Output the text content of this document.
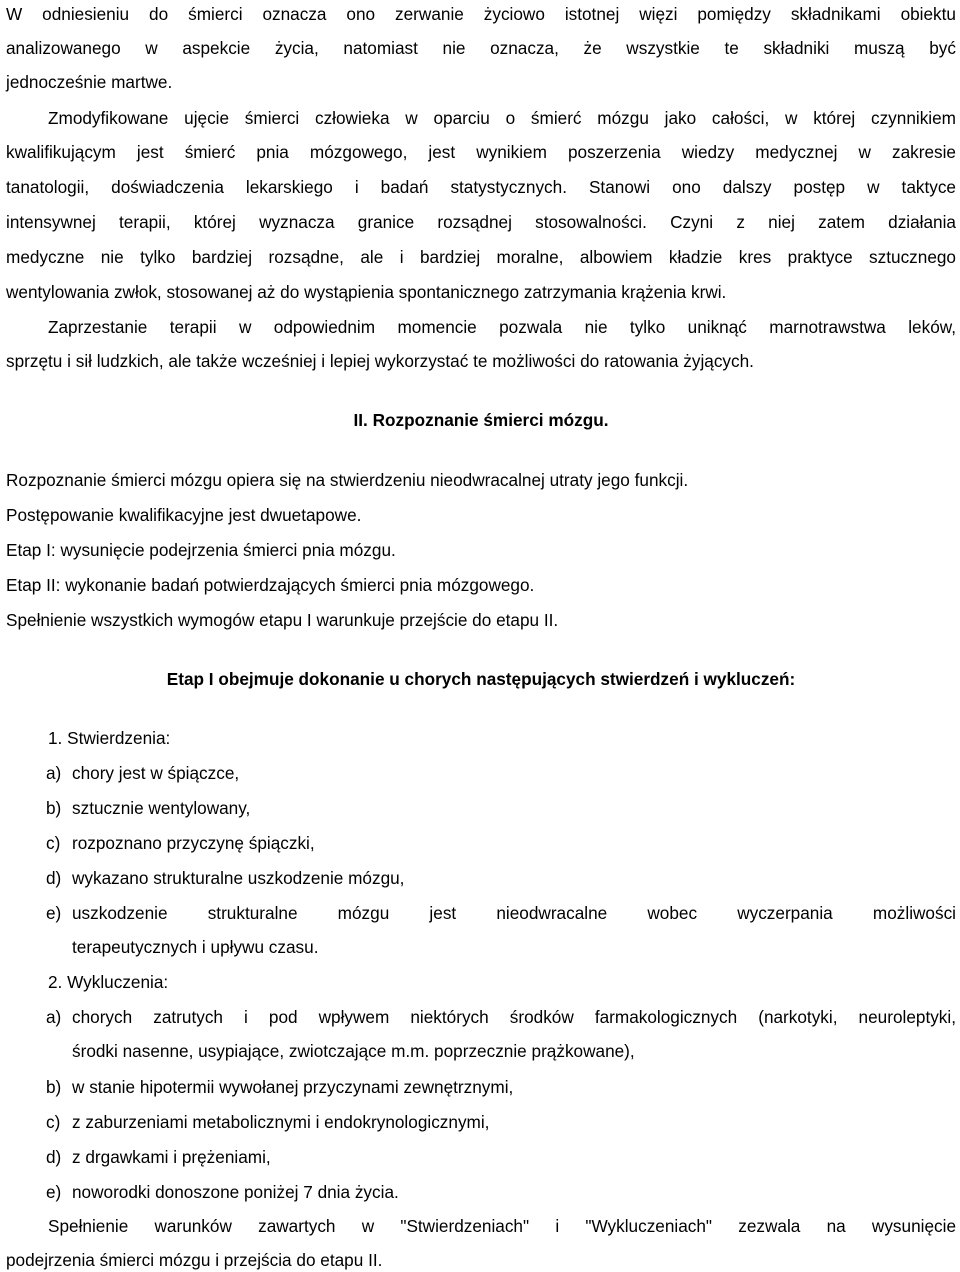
W odniesieniu do śmierci oznacza ono zerwanie życiowo istotnej więzi pomiędzy składnikami obiektu
analizowanego w aspekcie życia, natomiast nie oznacza, że wszystkie te składniki muszą być
jednocześnie martwe.
Zmodyfikowane ujęcie śmierci człowieka w oparciu o śmierć mózgu jako całości, w której czynnikiem
kwalifikującym jest śmierć pnia mózgowego, jest wynikiem poszerzenia wiedzy medycznej w zakresie
tanatologii, doświadczenia lekarskiego i badań statystycznych. Stanowi ono dalszy postęp w taktyce
intensywnej terapii, której wyznacza granice rozsądnej stosowalności. Czyni z niej zatem działania
medyczne nie tylko bardziej rozsądne, ale i bardziej moralne, albowiem kładzie kres praktyce sztucznego
wentylowania zwłok, stosowanej aż do wystąpienia spontanicznego zatrzymania krążenia krwi.
Zaprzestanie terapii w odpowiednim momencie pozwala nie tylko uniknąć marnotrawstwa leków,
sprzętu i sił ludzkich, ale także wcześniej i lepiej wykorzystać te możliwości do ratowania żyjących.
II. Rozpoznanie śmierci mózgu.
Rozpoznanie śmierci mózgu opiera się na stwierdzeniu nieodwracalnej utraty jego funkcji.
Postępowanie kwalifikacyjne jest dwuetapowe.
Etap I: wysunięcie podejrzenia śmierci pnia mózgu.
Etap II: wykonanie badań potwierdzających śmierci pnia mózgowego.
Spełnienie wszystkich wymogów etapu I warunkuje przejście do etapu II.
Etap I obejmuje dokonanie u chorych następujących stwierdzeń i wykluczeń:
1. Stwierdzenia:
a) chory jest w śpiączce,
b) sztucznie wentylowany,
c) rozpoznano przyczynę śpiączki,
d) wykazano strukturalne uszkodzenie mózgu,
e) uszkodzenie strukturalne mózgu jest nieodwracalne wobec wyczerpania możliwości
terapeutycznych i upływu czasu.
2. Wykluczenia:
a) chorych zatrutych i pod wpływem niektórych środków farmakologicznych (narkotyki, neuroleptyki,
środki nasenne, usypiające, zwiotczające m.m. poprzecznie prążkowane),
b) w stanie hipotermii wywołanej przyczynami zewnętrznymi,
c) z zaburzeniami metabolicznymi i endokrynologicznymi,
d) z drgawkami i prężeniami,
e) noworodki donoszone poniżej 7 dnia życia.
Spełnienie warunków zawartych w "Stwierdzeniach" i "Wykluczeniach" zezwala na wysunięcie
podejrzenia śmierci mózgu i przejścia do etapu II.
